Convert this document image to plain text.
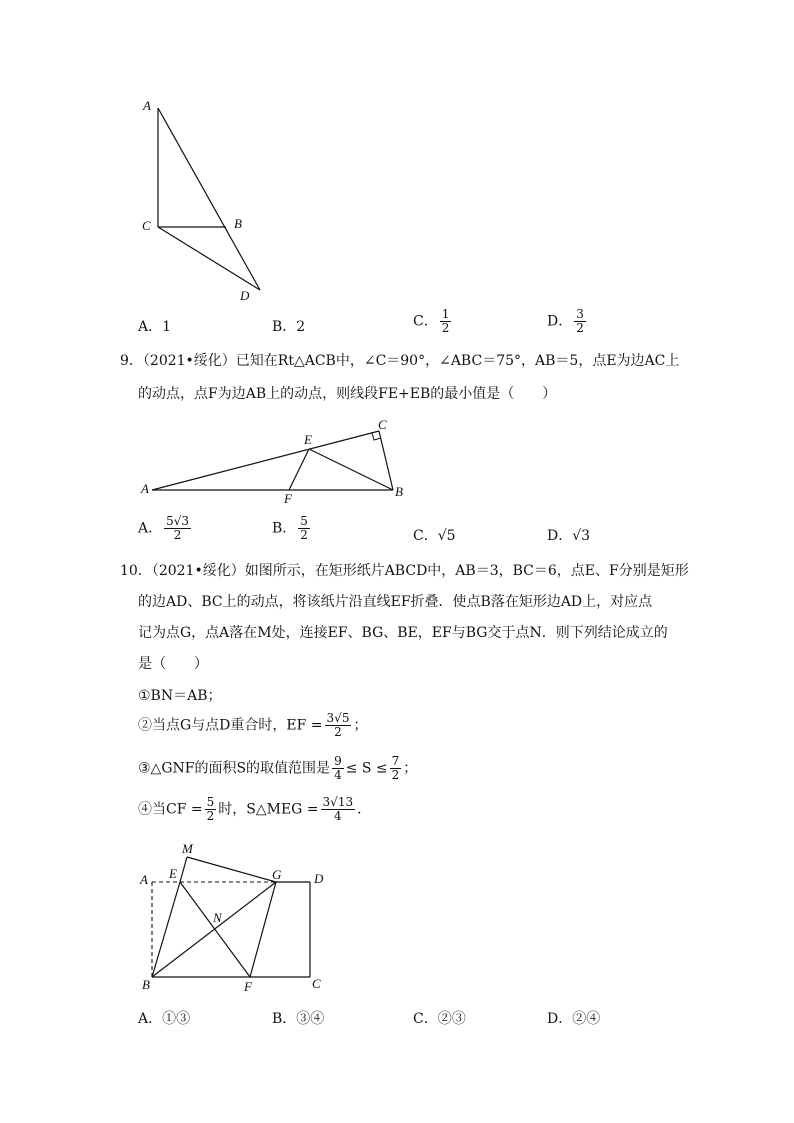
A
C	B
D
A．1	B．2	C． $\frac{1}{2}$	D． $\frac{3}{2}$
9．（2021•绥化）已知在Rt△ACB中，∠C＝90°，∠ABC＝75°，AB＝5，点E为边AC上
的动点，点F为边AB上的动点，则线段FE+EB的最小值是（　　）
A
C
E
F	B
A． $\frac{5√3}{2}$	B． $\frac{5}{2}$	C．√5	D．√3
10．（2021•绥化）如图所示，在矩形纸片ABCD中，AB＝3，BC＝6，点E、F分别是矩形
的边AD、BC上的动点，将该纸片沿直线EF折叠．使点B落在矩形边AD上，对应点
记为点G，点A落在M处，连接EF、BG、BE，EF与BG交于点N．则下列结论成立的
是（　　）
①BN＝AB；
②当点G与点D重合时，EF = $\frac{3√5}{2}$ ；
③△GNF的面积S的取值范围是 $\frac{9}{4} \le S \le \frac{7}{2}$ ；
④当CF = $\frac{5}{2}$ 时，S△MEG = $\frac{3√13}{4}$ ．
A E
M
G	D
N
B	F	C
A．①③	B．③④	C．②③	D．②④
